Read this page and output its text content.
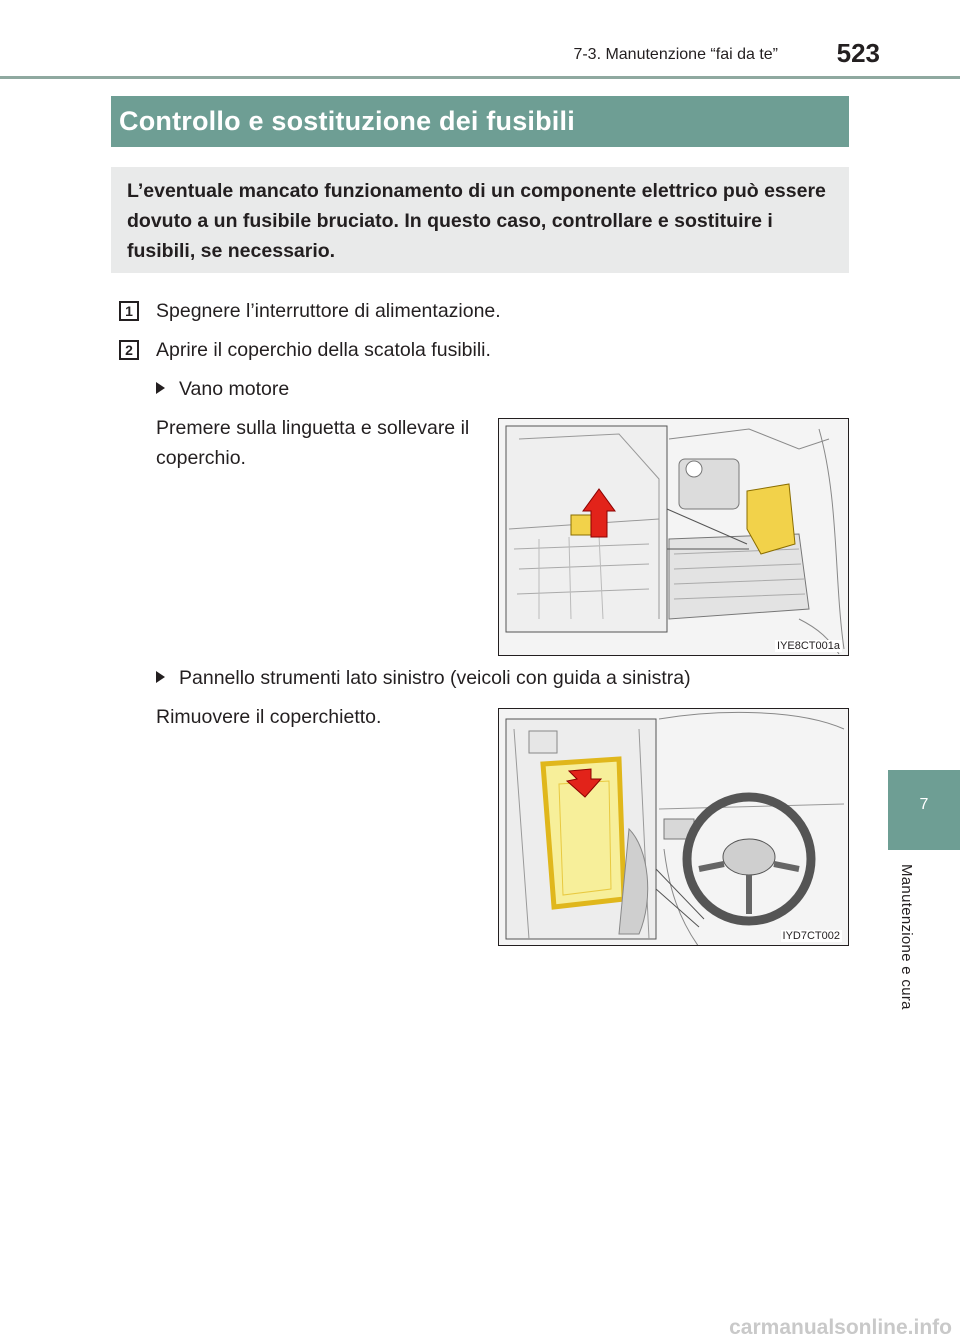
7-3. Manutenzione “fai da te” 523
Controllo e sostituzione dei fusibili
L’eventuale mancato funzionamento di un componente elettrico può essere dovuto a un fusibile bruciato. In questo caso, controllare e sostituire i fusibili, se necessario.
1	Spegnere l’interruttore di alimentazione.
2	Aprire il coperchio della scatola fusibili.
Vano motore
Premere sulla linguetta e sollevare il coperchio.
IYE8CT001a
Pannello strumenti lato sinistro (veicoli con guida a sinistra)
Rimuovere il coperchietto.
IYD7CT002
7
Manutenzione e cura
carmanualsonline.info
